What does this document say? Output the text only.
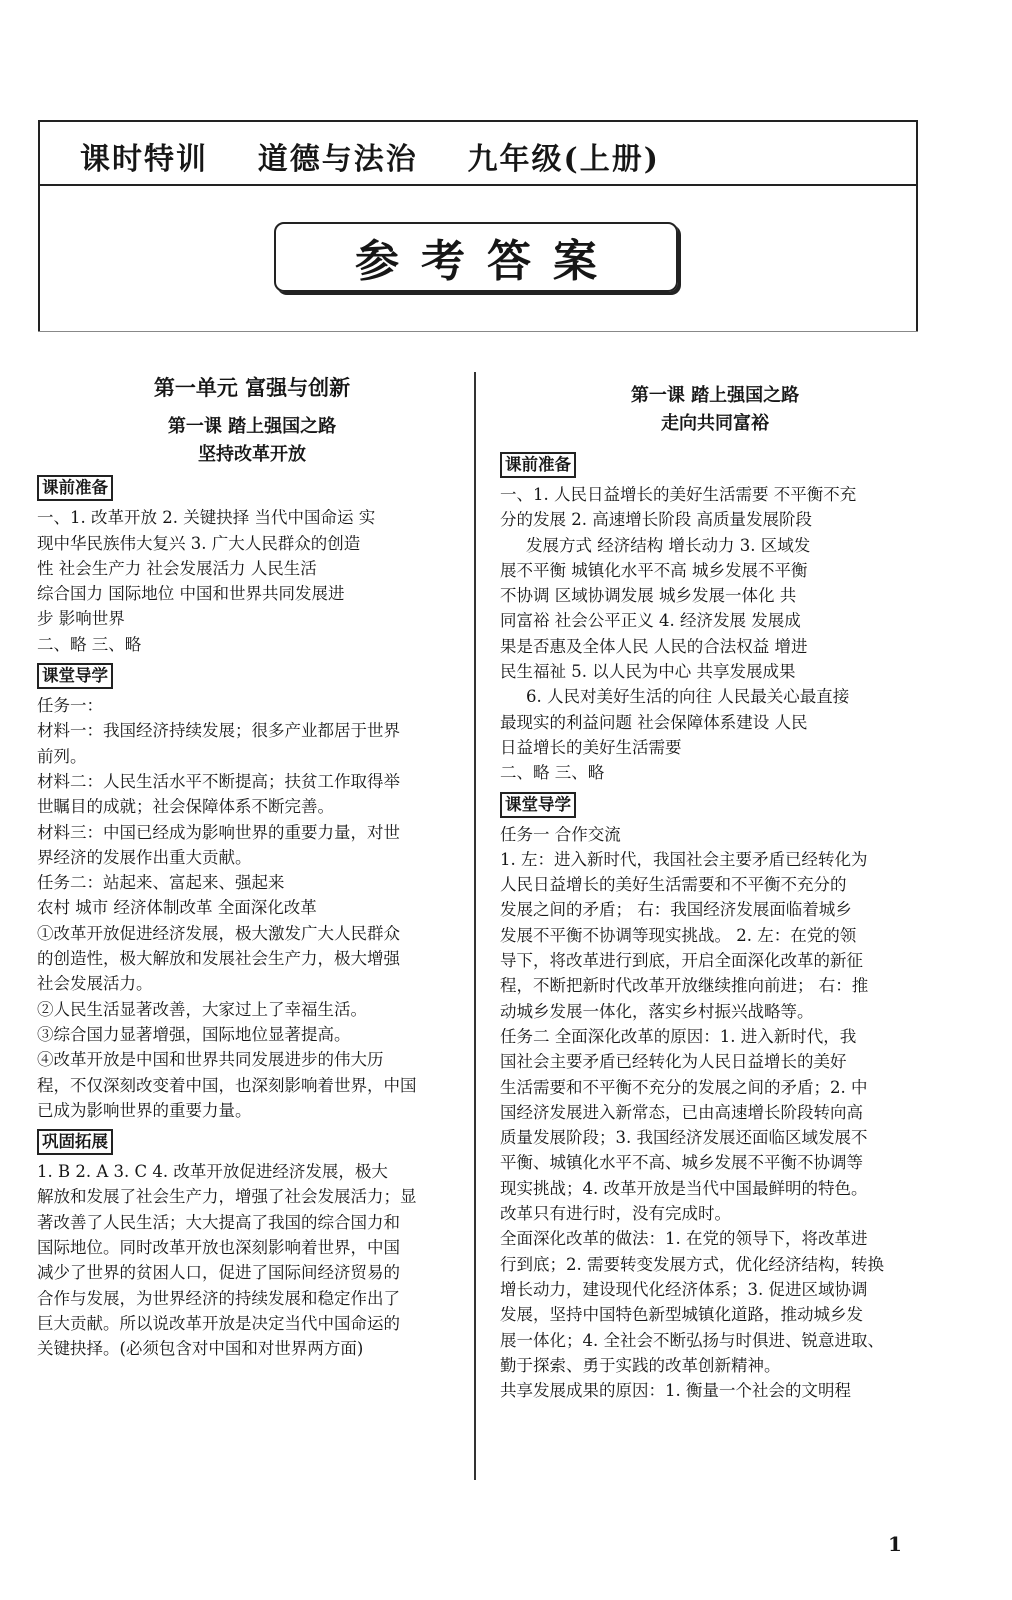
课时特训    道德与法治    九年级(上册)
参考答案
第一单元 富强与创新
第一课 踏上强国之路
坚持改革开放
课前准备

一、1. 改革开放 2. 关键抉择 当代中国命运 实

现中华民族伟大复兴 3. 广大人民群众的创造

性 社会生产力 社会发展活力 人民生活

综合国力 国际地位 中国和世界共同发展进

步 影响世界

二、略 三、略

课堂导学

任务一：

材料一：我国经济持续发展；很多产业都居于世界

前列。

材料二：人民生活水平不断提高；扶贫工作取得举

世瞩目的成就；社会保障体系不断完善。

材料三：中国已经成为影响世界的重要力量，对世

界经济的发展作出重大贡献。

任务二：站起来、富起来、强起来

农村 城市 经济体制改革 全面深化改革

①改革开放促进经济发展，极大激发广大人民群众

的创造性，极大解放和发展社会生产力，极大增强

社会发展活力。

②人民生活显著改善，大家过上了幸福生活。

③综合国力显著增强，国际地位显著提高。

④改革开放是中国和世界共同发展进步的伟大历

程，不仅深刻改变着中国，也深刻影响着世界，中国

已成为影响世界的重要力量。

巩固拓展

1. B 2. A 3. C 4. 改革开放促进经济发展，极大

解放和发展了社会生产力，增强了社会发展活力；显

著改善了人民生活；大大提高了我国的综合国力和

国际地位。同时改革开放也深刻影响着世界，中国

减少了世界的贫困人口，促进了国际间经济贸易的

合作与发展，为世界经济的持续发展和稳定作出了

巨大贡献。所以说改革开放是决定当代中国命运的

关键抉择。(必须包含对中国和对世界两方面)

第一课 踏上强国之路
走向共同富裕
课前准备

一、1. 人民日益增长的美好生活需要 不平衡不充

分的发展 2. 高速增长阶段 高质量发展阶段

发展方式 经济结构 增长动力 3. 区域发

展不平衡 城镇化水平不高 城乡发展不平衡

不协调 区域协调发展 城乡发展一体化 共

同富裕 社会公平正义 4. 经济发展 发展成

果是否惠及全体人民 人民的合法权益 增进

民生福祉 5. 以人民为中心 共享发展成果

6. 人民对美好生活的向往 人民最关心最直接

最现实的利益问题 社会保障体系建设 人民

日益增长的美好生活需要

二、略 三、略

课堂导学

任务一 合作交流

1. 左：进入新时代，我国社会主要矛盾已经转化为

人民日益增长的美好生活需要和不平衡不充分的

发展之间的矛盾； 右：我国经济发展面临着城乡

发展不平衡不协调等现实挑战。 2. 左：在党的领

导下，将改革进行到底，开启全面深化改革的新征

程，不断把新时代改革开放继续推向前进； 右：推

动城乡发展一体化，落实乡村振兴战略等。

任务二 全面深化改革的原因：1. 进入新时代，我

国社会主要矛盾已经转化为人民日益增长的美好

生活需要和不平衡不充分的发展之间的矛盾；2. 中

国经济发展进入新常态，已由高速增长阶段转向高

质量发展阶段；3. 我国经济发展还面临区域发展不

平衡、城镇化水平不高、城乡发展不平衡不协调等

现实挑战；4. 改革开放是当代中国最鲜明的特色。

改革只有进行时，没有完成时。

全面深化改革的做法：1. 在党的领导下，将改革进

行到底；2. 需要转变发展方式，优化经济结构，转换

增长动力，建设现代化经济体系；3. 促进区域协调

发展，坚持中国特色新型城镇化道路，推动城乡发

展一体化；4. 全社会不断弘扬与时俱进、锐意进取、

勤于探索、勇于实践的改革创新精神。

共享发展成果的原因：1. 衡量一个社会的文明程

1
